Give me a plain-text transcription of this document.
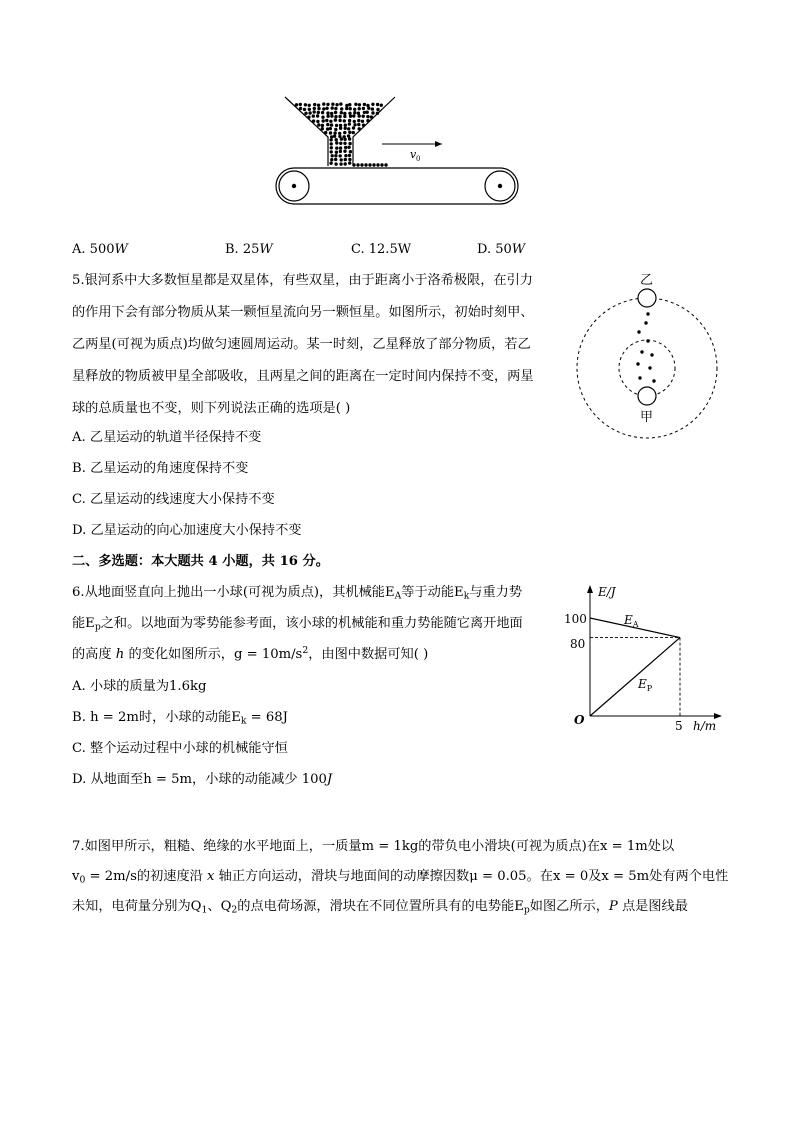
v 0
A. 500W	B. 25W	C. 12.5W	D. 50W
5.银河系中大多数恒星都是双星体，有些双星，由于距离小于洛希极限，在引力
的作用下会有部分物质从某一颗恒星流向另一颗恒星。如图所示，初始时刻甲、
乙两星(可视为质点)均做匀速圆周运动。某一时刻，乙星释放了部分物质，若乙
星释放的物质被甲星全部吸收，且两星之间的距离在一定时间内保持不变，两星
球的总质量也不变，则下列说法正确的选项是( )
A. 乙星运动的轨道半径保持不变
B. 乙星运动的角速度保持不变
C. 乙星运动的线速度大小保持不变
D. 乙星运动的向心加速度大小保持不变
乙
甲
二、多选题：本大题共 4 小题，共 16 分。
6.从地面竖直向上抛出一小球(可视为质点)，其机械能$E_A$等于动能$E_k$与重力势
能$E_p$之和。以地面为零势能参考面，该小球的机械能和重力势能随它离开地面
的高度 h 的变化如图所示，$g = 10m/s^2$，由图中数据可知( )
A. 小球的质量为1.6kg
B. h = 2m时，小球的动能$E_k = 68J$
C. 整个运动过程中小球的机械能守恒
D. 从地面至h = 5m，小球的动能减少 100J
E/J
h/m
O
100
80
5
$E_A$
$E_P$
7.如图甲所示，粗糙、绝缘的水平地面上，一质量m = 1kg的带负电小滑块(可视为质点)在x = 1m处以
$v_0 = 2m/s$的初速度沿 x 轴正方向运动，滑块与地面间的动摩擦因数μ = 0.05。在x = 0及x = 5m处有两个电性
未知，电荷量分别为$Q_1$、$Q_2$的点电荷场源，滑块在不同位置所具有的电势能$E_p$如图乙所示，P 点是图线最
